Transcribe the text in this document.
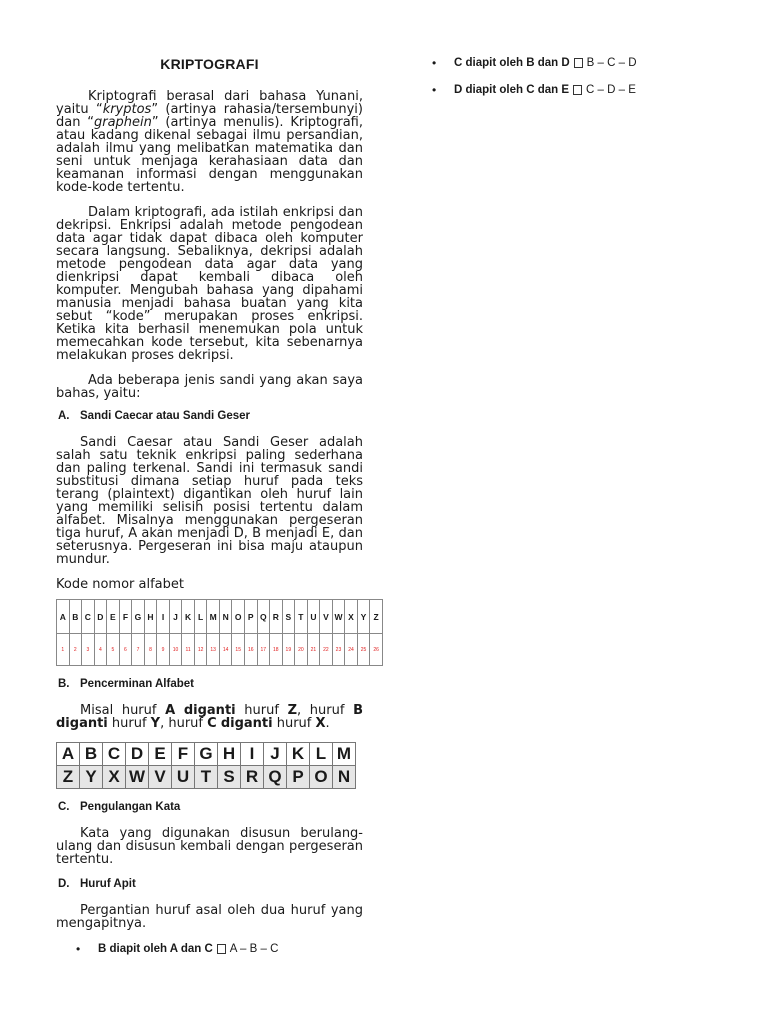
KRIPTOGRAFI

Kriptografi berasal dari bahasa Yunani, yaitu “kryptos” (artinya rahasia/tersembunyi) dan “graphein” (artinya menulis). Kriptografi, atau kadang dikenal sebagai ilmu persandian, adalah ilmu yang melibatkan matematika dan seni untuk menjaga kerahasiaan data dan keamanan informasi dengan menggunakan kode-kode tertentu.

Dalam kriptografi, ada istilah enkripsi dan dekripsi. Enkripsi adalah metode pengodean data agar tidak dapat dibaca oleh komputer secara langsung. Sebaliknya, dekripsi adalah metode pengodean data agar data yang dienkripsi dapat kembali dibaca oleh komputer. Mengubah bahasa yang dipahami manusia menjadi bahasa buatan yang kita sebut “kode” merupakan proses enkripsi. Ketika kita berhasil menemukan pola untuk memecahkan kode tersebut, kita sebenarnya melakukan proses dekripsi.

Ada beberapa jenis sandi yang akan saya bahas, yaitu:

A. Sandi Caecar atau Sandi Geser

Sandi Caesar atau Sandi Geser adalah salah satu teknik enkripsi paling sederhana dan paling terkenal. Sandi ini termasuk sandi substitusi dimana setiap huruf pada teks terang (plaintext) digantikan oleh huruf lain yang memiliki selisih posisi tertentu dalam alfabet. Misalnya menggunakan pergeseran tiga huruf, A akan menjadi D, B menjadi E, dan seterusnya. Pergeseran ini bisa maju ataupun mundur.

Kode nomor alfabet

A	B	C	D	E	F	G	H	I	J	K	L	M	N	O	P	Q	R	S	T	U	V	W	X	Y	Z
1	2	3	4	5	6	7	8	9	10	11	12	13	14	15	16	17	18	19	20	21	22	23	24	25	26
B. Pencerminan Alfabet

Misal huruf A diganti huruf Z, huruf B diganti huruf Y, huruf C diganti huruf X.

A	B	C	D	E	F	G	H	I	J	K	L	M
Z	Y	X	W	V	U	T	S	R	Q	P	O	N
C. Pengulangan Kata

Kata yang digunakan disusun berulang-ulang dan disusun kembali dengan pergeseran tertentu.

D. Huruf Apit

Pergantian huruf asal oleh dua huruf yang mengapitnya.

•	B diapit oleh A dan C A – B – C
•	C diapit oleh B dan D B – C – D
•	D diapit oleh C dan E C – D – E
